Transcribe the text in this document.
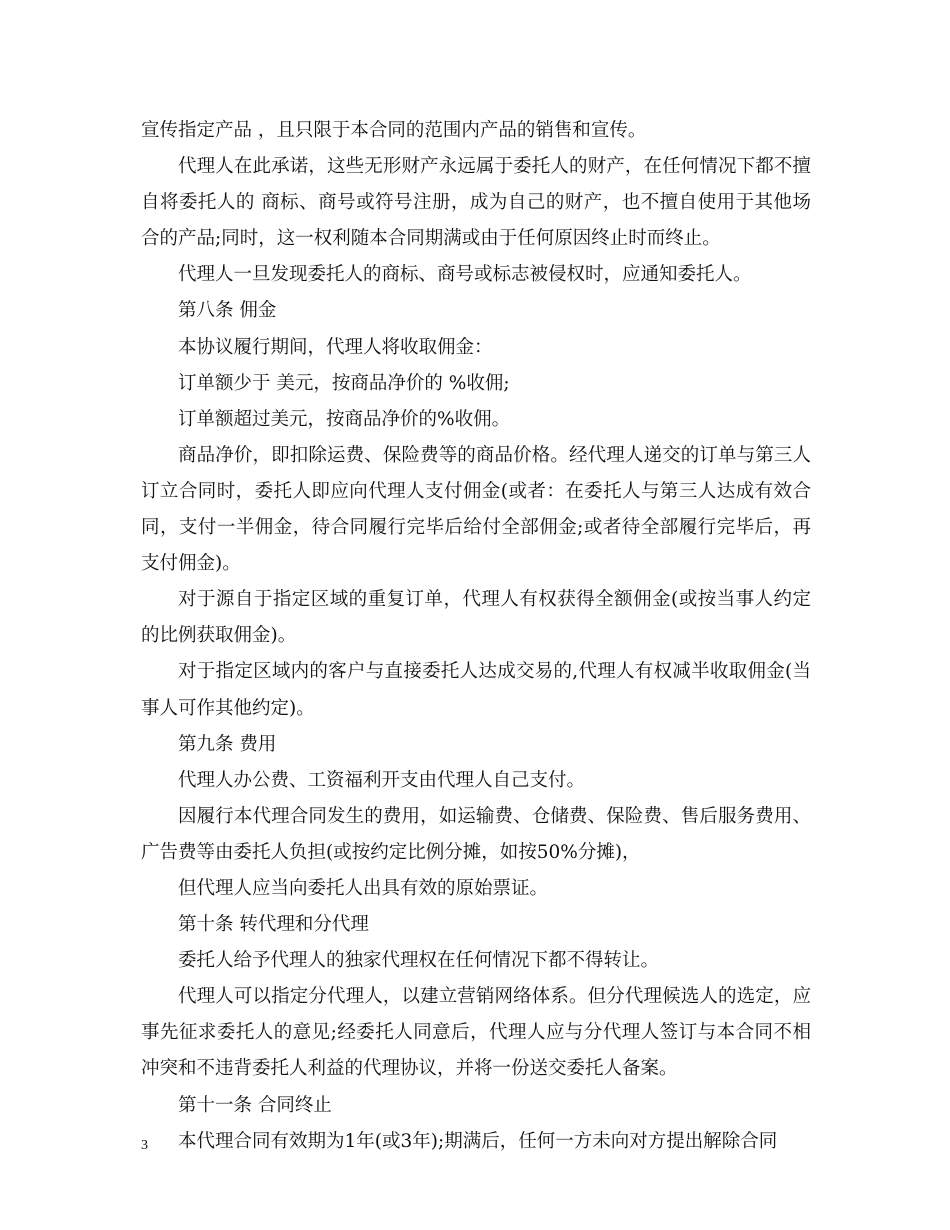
宣传指定产品 ，且只限于本合同的范围内产品的销售和宣传。

代理人在此承诺，这些无形财产永远属于委托人的财产，在任何情况下都不擅自将委托人的 商标、商号或符号注册，成为自己的财产，也不擅自使用于其他场合的产品;同时，这一权利随本合同期满或由于任何原因终止时而终止。

代理人一旦发现委托人的商标、商号或标志被侵权时，应通知委托人。

第八条 佣金

本协议履行期间，代理人将收取佣金：

订单额少于 美元，按商品净价的 %收佣;

订单额超过美元，按商品净价的%收佣。

商品净价，即扣除运费、保险费等的商品价格。经代理人递交的订单与第三人订立合同时，委托人即应向代理人支付佣金(或者：在委托人与第三人达成有效合同，支付一半佣金，待合同履行完毕后给付全部佣金;或者待全部履行完毕后，再支付佣金)。

对于源自于指定区域的重复订单，代理人有权获得全额佣金(或按当事人约定的比例获取佣金)。

对于指定区域内的客户与直接委托人达成交易的,代理人有权减半收取佣金(当事人可作其他约定)。

第九条 费用

代理人办公费、工资福利开支由代理人自己支付。

因履行本代理合同发生的费用，如运输费、仓储费、保险费、售后服务费用、广告费等由委托人负担(或按约定比例分摊，如按50%分摊)，

但代理人应当向委托人出具有效的原始票证。

第十条 转代理和分代理

委托人给予代理人的独家代理权在任何情况下都不得转让。

代理人可以指定分代理人，以建立营销网络体系。但分代理候选人的选定，应事先征求委托人的意见;经委托人同意后，代理人应与分代理人签订与本合同不相冲突和不违背委托人利益的代理协议，并将一份送交委托人备案。

第十一条 合同终止

本代理合同有效期为1年(或3年);期满后，任何一方未向对方提出解除合同

3
